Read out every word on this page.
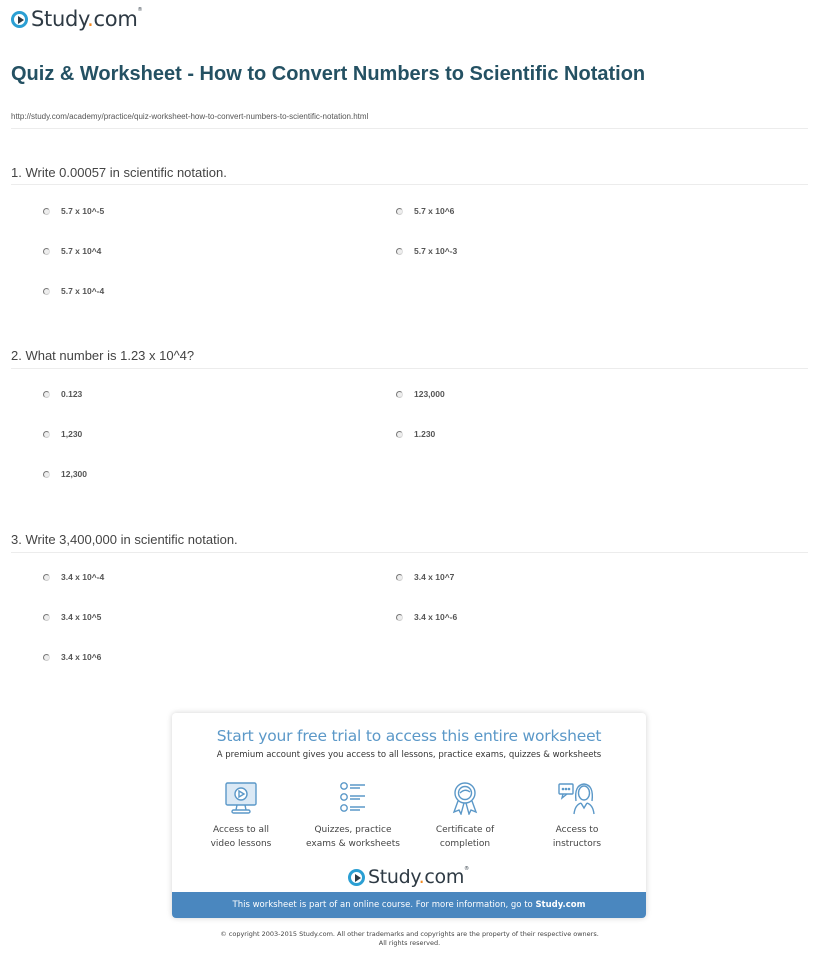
Study.com®
Quiz & Worksheet - How to Convert Numbers to Scientific Notation
http://study.com/academy/practice/quiz-worksheet-how-to-convert-numbers-to-scientific-notation.html
1. Write 0.00057 in scientific notation.
5.7 x 10^-5	5.7 x 10^6
5.7 x 10^4	5.7 x 10^-3
5.7 x 10^-4
2. What number is 1.23 x 10^4?
0.123	123,000
1,230	1.230
12,300
3. Write 3,400,000 in scientific notation.
3.4 x 10^-4	3.4 x 10^7
3.4 x 10^5	3.4 x 10^-6
3.4 x 10^6
Start your free trial to access this entire worksheet
A premium account gives you access to all lessons, practice exams, quizzes & worksheets
Access to all
video lessons
Quizzes, practice
exams & worksheets
Certificate of
completion
Access to
instructors
Study.com®
This worksheet is part of an online course. For more information, go to Study.com
© copyright 2003-2015 Study.com. All other trademarks and copyrights are the property of their respective owners.
All rights reserved.
